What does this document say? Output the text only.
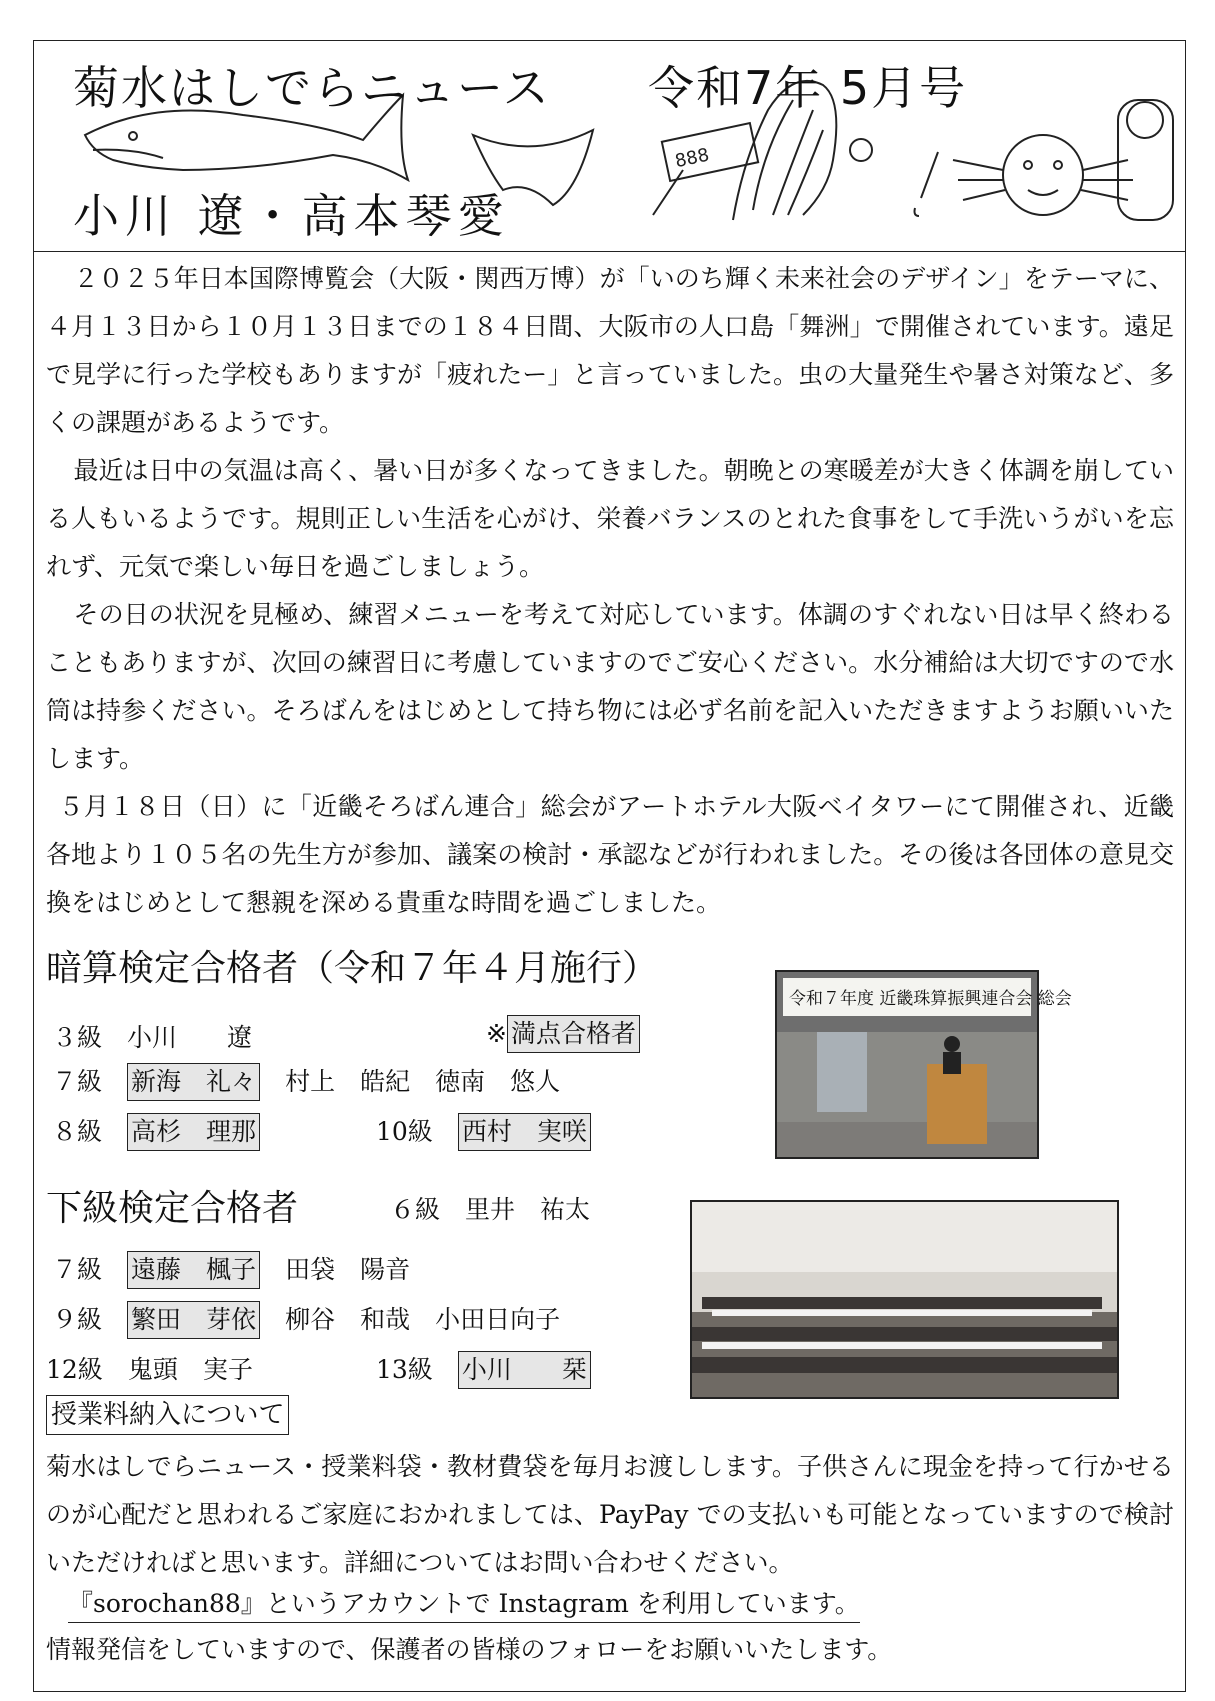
888
菊水はしでらニュース 令和7年 5月号
小川 遼・高本琴愛

２０２５年日本国際博覧会（大阪・関西万博）が「いのち輝く未来社会のデザイン」をテーマに、４月１３日から１０月１３日までの１８４日間、大阪市の人口島「舞洲」で開催されています。遠足で見学に行った学校もありますが「疲れたー」と言っていました。虫の大量発生や暑さ対策など、多くの課題があるようです。

最近は日中の気温は高く、暑い日が多くなってきました。朝晩との寒暖差が大きく体調を崩している人もいるようです。規則正しい生活を心がけ、栄養バランスのとれた食事をして手洗いうがいを忘れず、元気で楽しい毎日を過ごしましょう。

その日の状況を見極め、練習メニューを考えて対応しています。体調のすぐれない日は早く終わることもありますが、次回の練習日に考慮していますのでご安心ください。水分補給は大切ですので水筒は持参ください。そろばんをはじめとして持ち物には必ず名前を記入いただきますようお願いいたします。

５月１８日（日）に「近畿そろばん連合」総会がアートホテル大阪ベイタワーにて開催され、近畿各地より１０５名の先生方が参加、議案の検討・承認などが行われました。その後は各団体の意見交換をはじめとして懇親を深める貴重な時間を過ごしました。

暗算検定合格者（令和７年４月施行）
３級　 小川　　遼	※ 満点合格者
７級　 新海　礼々　 村上　皓紀　 徳南　悠人
８級　 高杉　理那	10級　 西村　実咲
令和７年度 近畿珠算振興連合会 総会
下級検定合格者	６級　 里井　祐太
７級　 遠藤　楓子　 田袋　陽音
９級　 繁田　芽依　 柳谷　和哉　 小田日向子
12級　 鬼頭　実子	13級　 小川　　栞
授業料納入について

菊水はしでらニュース・授業料袋・教材費袋を毎月お渡しします。子供さんに現金を持って行かせるのが心配だと思われるご家庭におかれましては、PayPay での支払いも可能となっていますので検討いただければと思います。詳細についてはお問い合わせください。

『sorochan88』というアカウントで Instagram を利用しています。
情報発信をしていますので、保護者の皆様のフォローをお願いいたします。
